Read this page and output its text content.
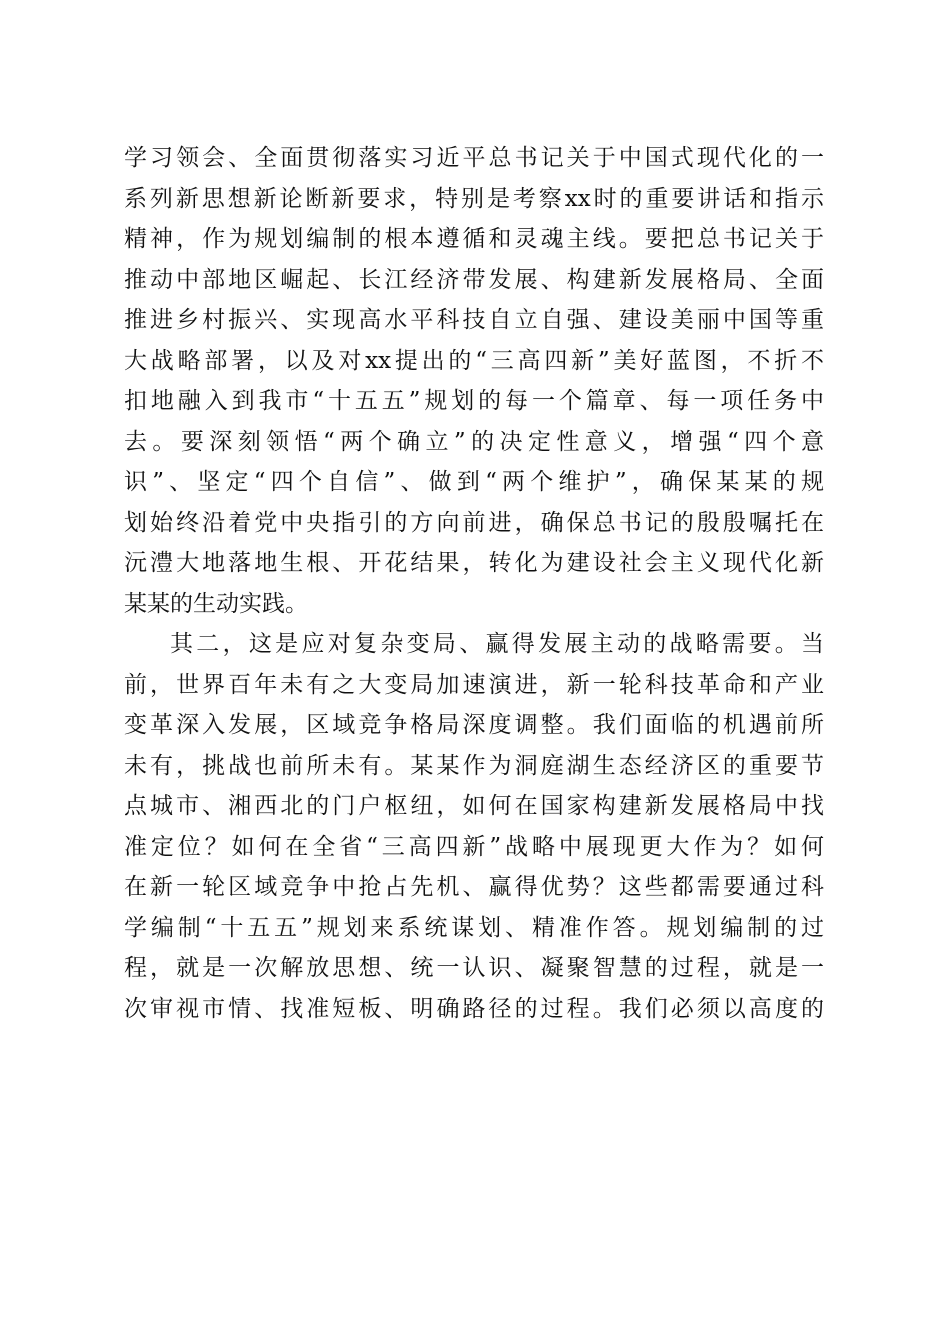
学习领会、全面贯彻落实习近平总书记关于中国式现代化的一
系列新思想新论断新要求，特别是考察xx时的重要讲话和指示
精神，作为规划编制的根本遵循和灵魂主线。要把总书记关于
推动中部地区崛起、长江经济带发展、构建新发展格局、全面
推进乡村振兴、实现高水平科技自立自强、建设美丽中国等重
大战略部署，以及对xx提出的“三高四新”美好蓝图，不折不
扣地融入到我市“十五五”规划的每一个篇章、每一项任务中
去。要深刻领悟“两个确立”的决定性意义，增强“四个意
识”、坚定“四个自信”、做到“两个维护”，确保某某的规
划始终沿着党中央指引的方向前进，确保总书记的殷殷嘱托在
沅澧大地落地生根、开花结果，转化为建设社会主义现代化新
某某的生动实践。
其二，这是应对复杂变局、赢得发展主动的战略需要。当
前，世界百年未有之大变局加速演进，新一轮科技革命和产业
变革深入发展，区域竞争格局深度调整。我们面临的机遇前所
未有，挑战也前所未有。某某作为洞庭湖生态经济区的重要节
点城市、湘西北的门户枢纽，如何在国家构建新发展格局中找
准定位？如何在全省“三高四新”战略中展现更大作为？如何
在新一轮区域竞争中抢占先机、赢得优势？这些都需要通过科
学编制“十五五”规划来系统谋划、精准作答。规划编制的过
程，就是一次解放思想、统一认识、凝聚智慧的过程，就是一
次审视市情、找准短板、明确路径的过程。我们必须以高度的
